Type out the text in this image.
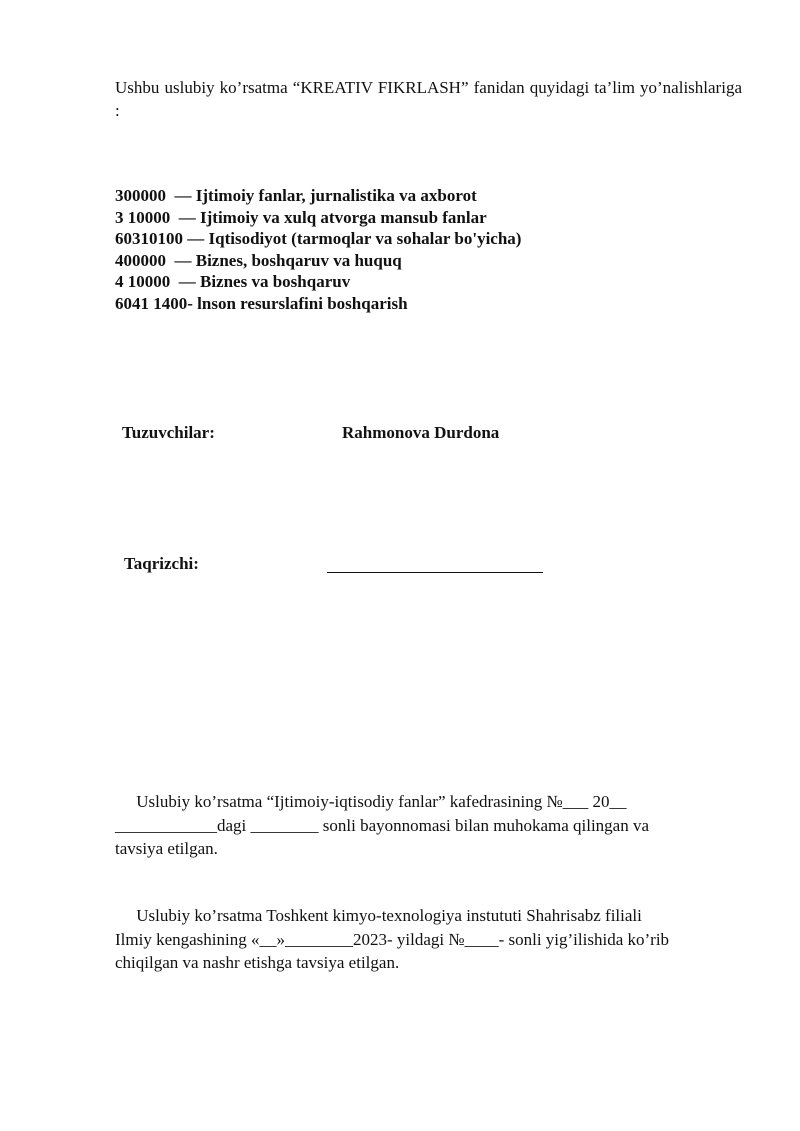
Ushbu uslubiy ko’rsatma “KREATIV FIKRLASH” fanidan quyidagi ta’lim yo’nalishlariga :
300000  — Ijtimoiy fanlar, jurnalistika va axborot
3 10000  — Ijtimoiy va xulq atvorga mansub fanlar
60310100 — Iqtisodiyot (tarmoqlar va sohalar bo'yicha)
400000  — Biznes, boshqaruv va huquq
4 10000  — Biznes va boshqaruv
6041 1400- lnson resurslafini boshqarish
Tuzuvchilar:	Rahmonova Durdona
Taqrizchi:
Uslubiy ko’rsatma “Ijtimoiy-iqtisodiy fanlar” kafedrasining №___ 20__
____________dagi ________ sonli bayonnomasi bilan muhokama qilingan va
tavsiya etilgan.
Uslubiy ko’rsatma Toshkent kimyo-texnologiya instututi Shahrisabz filiali
Ilmiy kengashining «__»________2023- yildagi №____- sonli yig’ilishida ko’rib
chiqilgan va nashr etishga tavsiya etilgan.
